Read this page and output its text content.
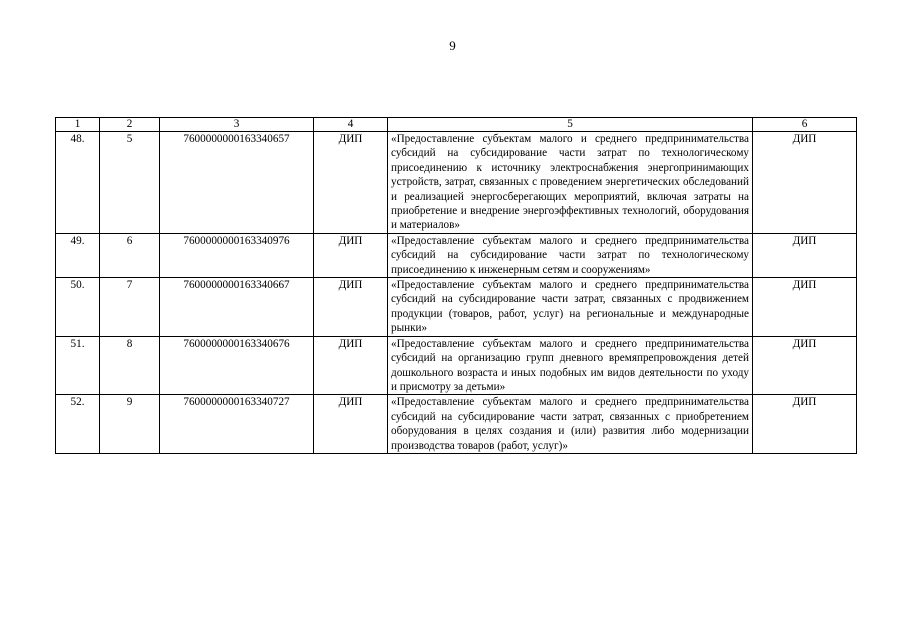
9
1	2	3	4	5	6
48.	5	7600000000163340657	ДИП	«Предоставление субъектам малого и среднего предпринимательства субсидий на субсидирование части затрат по технологическому присоединению к источнику электроснабжения энергопринимающих устройств, затрат, связанных с проведением энергетических обследований и реализацией энергосберегающих мероприятий, включая затраты на приобретение и внедрение энергоэффективных технологий, оборудования и материалов»	ДИП
49.	6	7600000000163340976	ДИП	«Предоставление субъектам малого и среднего предпринимательства субсидий на субсидирование части затрат по технологическому присоединению к инженерным сетям и сооружениям»	ДИП
50.	7	7600000000163340667	ДИП	«Предоставление субъектам малого и среднего предпринимательства субсидий на субсидирование части затрат, связанных с продвижением продукции (товаров, работ, услуг) на региональные и международные рынки»	ДИП
51.	8	7600000000163340676	ДИП	«Предоставление субъектам малого и среднего предпринимательства субсидий на организацию групп дневного времяпрепровождения детей дошкольного возраста и иных подобных им видов деятельности по уходу и присмотру за детьми»	ДИП
52.	9	7600000000163340727	ДИП	«Предоставление субъектам малого и среднего предпринимательства субсидий на субсидирование части затрат, связанных с приобретением оборудования в целях создания и (или) развития либо модернизации производства товаров (работ, услуг)»	ДИП
